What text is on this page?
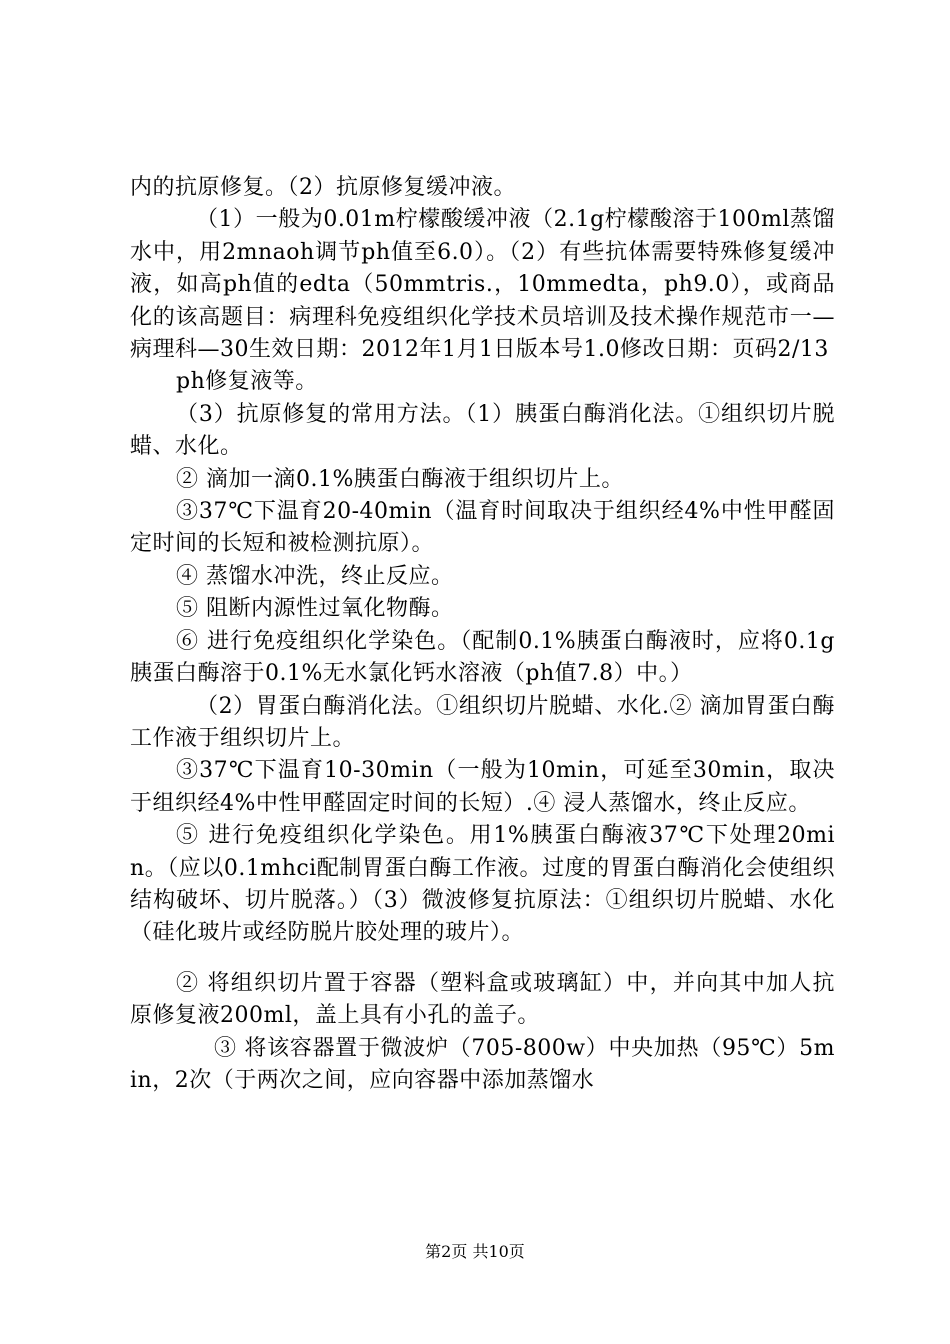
内的抗原修复。（2）抗原修复缓冲液。

（1）一般为0.01m柠檬酸缓冲液（2.1g柠檬酸溶于100ml蒸馏水中，用2mnaoh调节ph值至6.0）。（2）有些抗体需要特殊修复缓冲液，如高ph值的edta（50mmtris.，10mmedta，ph9.0），或商品化的该高题目：病理科免疫组织化学技术员培训及技术操作规范市一—病理科—30生效日期：2012年1月1日版本号1.0修改日期：页码2/13

ph修复液等。

（3）抗原修复的常用方法。（1）胰蛋白酶消化法。①组织切片脱蜡、水化。

② 滴加一滴0.1%胰蛋白酶液于组织切片上。

③37℃下温育20-40min（温育时间取决于组织经4%中性甲醛固定时间的长短和被检测抗原）。

④ 蒸馏水冲洗，终止反应。

⑤ 阻断内源性过氧化物酶。

⑥ 进行免疫组织化学染色。（配制0.1%胰蛋白酶液时，应将0.1g胰蛋白酶溶于0.1%无水氯化钙水溶液（ph值7.8）中。）

（2）胃蛋白酶消化法。①组织切片脱蜡、水化.② 滴加胃蛋白酶工作液于组织切片上。

③37℃下温育10-30min（一般为10min，可延至30min，取决于组织经4%中性甲醛固定时间的长短）.④ 浸人蒸馏水，终止反应。

⑤ 进行免疫组织化学染色。用1%胰蛋白酶液37℃下处理20min。（应以0.1mhci配制胃蛋白酶工作液。过度的胃蛋白酶消化会使组织结构破坏、切片脱落。）（3）微波修复抗原法：①组织切片脱蜡、水化（硅化玻片或经防脱片胶处理的玻片）。

② 将组织切片置于容器（塑料盒或玻璃缸）中，并向其中加人抗原修复液200ml，盖上具有小孔的盖子。

③ 将该容器置于微波炉（705-800w）中央加热（95℃）5min，2次（于两次之间，应向容器中添加蒸馏水

第2页 共10页
